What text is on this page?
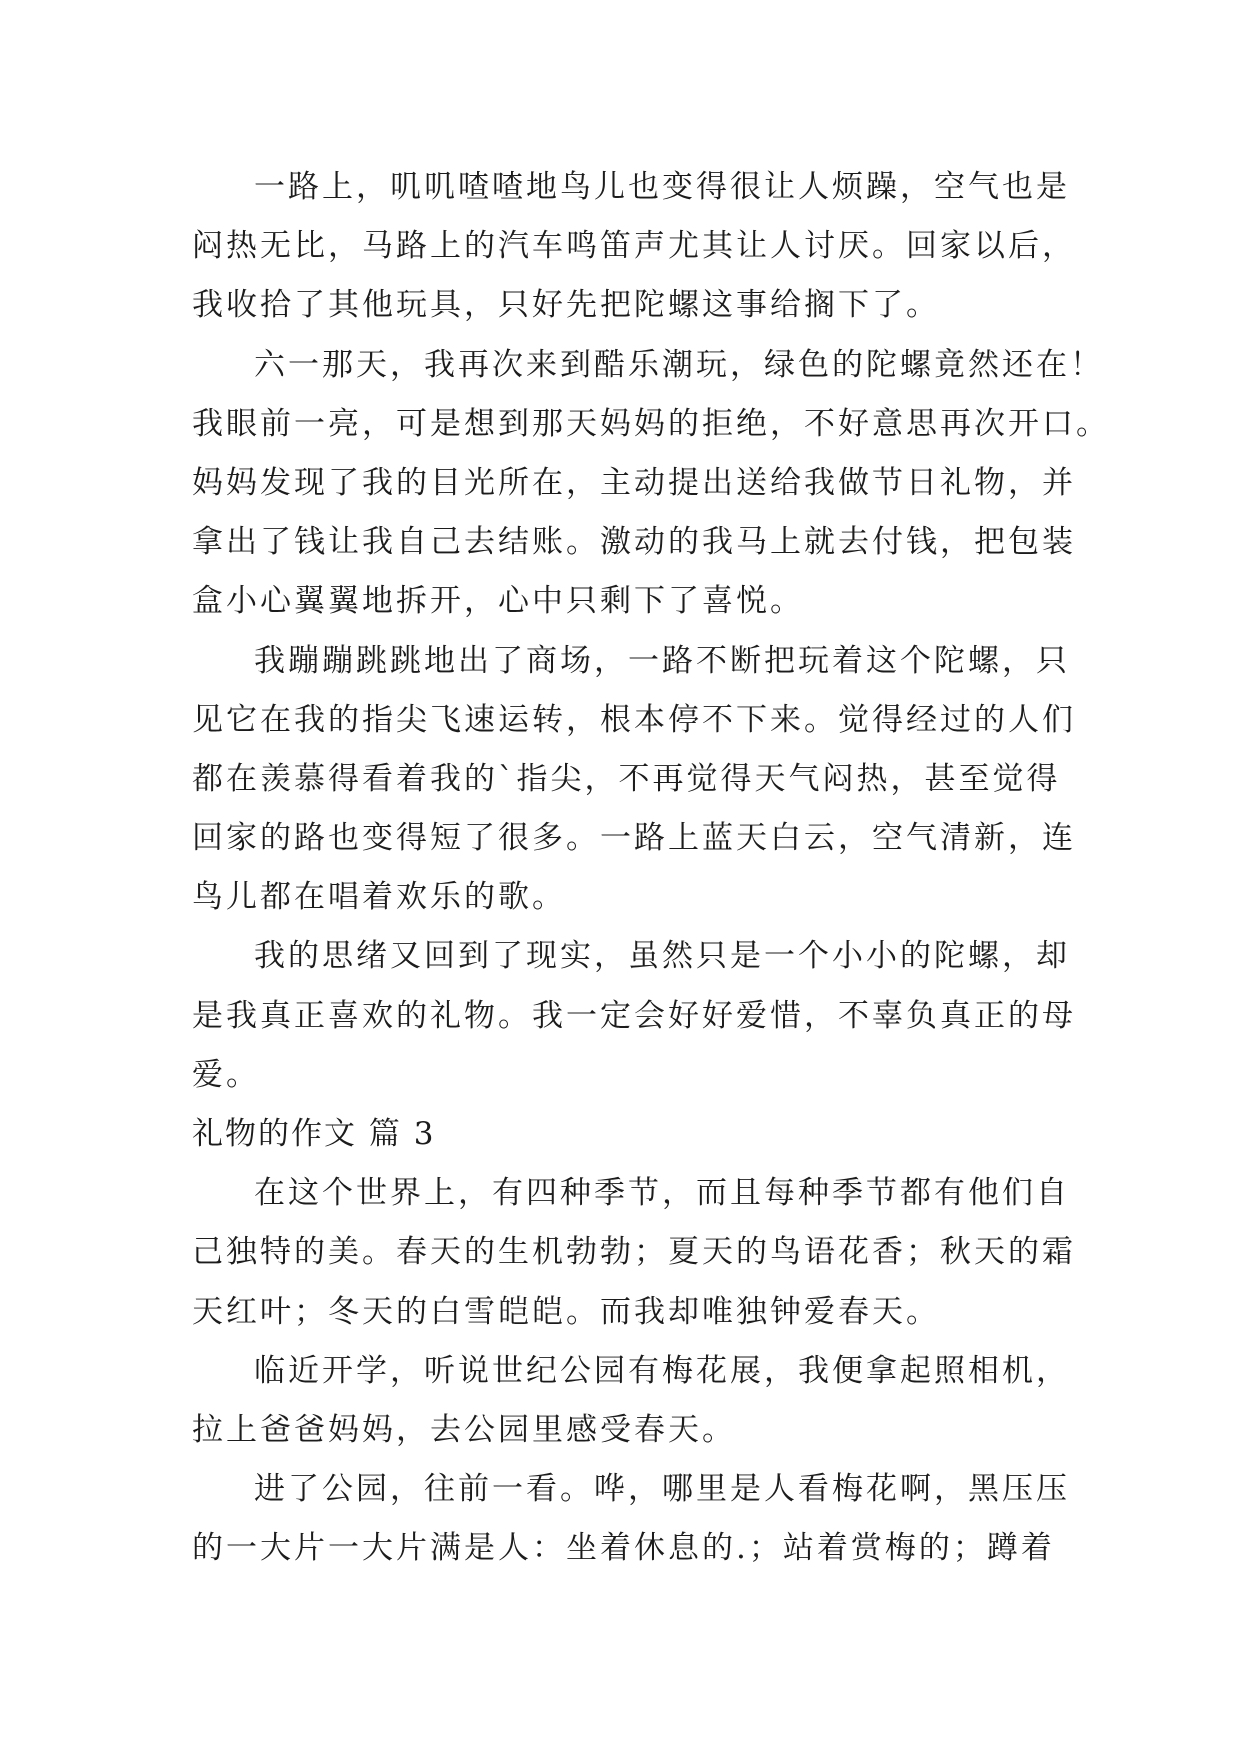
一路上，叽叽喳喳地鸟儿也变得很让人烦躁，空气也是
闷热无比，马路上的汽车鸣笛声尤其让人讨厌。回家以后，
我收拾了其他玩具，只好先把陀螺这事给搁下了。
六一那天，我再次来到酷乐潮玩，绿色的陀螺竟然还在！
我眼前一亮，可是想到那天妈妈的拒绝，不好意思再次开口。
妈妈发现了我的目光所在，主动提出送给我做节日礼物，并
拿出了钱让我自己去结账。激动的我马上就去付钱，把包装
盒小心翼翼地拆开，心中只剩下了喜悦。
我蹦蹦跳跳地出了商场，一路不断把玩着这个陀螺，只
见它在我的指尖飞速运转，根本停不下来。觉得经过的人们
都在羡慕得看着我的`指尖，不再觉得天气闷热，甚至觉得
回家的路也变得短了很多。一路上蓝天白云，空气清新，连
鸟儿都在唱着欢乐的歌。
我的思绪又回到了现实，虽然只是一个小小的陀螺，却
是我真正喜欢的礼物。我一定会好好爱惜，不辜负真正的母
爱。
礼物的作文 篇 3
在这个世界上，有四种季节，而且每种季节都有他们自
己独特的美。春天的生机勃勃；夏天的鸟语花香；秋天的霜
天红叶；冬天的白雪皑皑。而我却唯独钟爱春天。
临近开学，听说世纪公园有梅花展，我便拿起照相机，
拉上爸爸妈妈，去公园里感受春天。
进了公园，往前一看。哗，哪里是人看梅花啊，黑压压
的一大片一大片满是人：坐着休息的.；站着赏梅的；蹲着
